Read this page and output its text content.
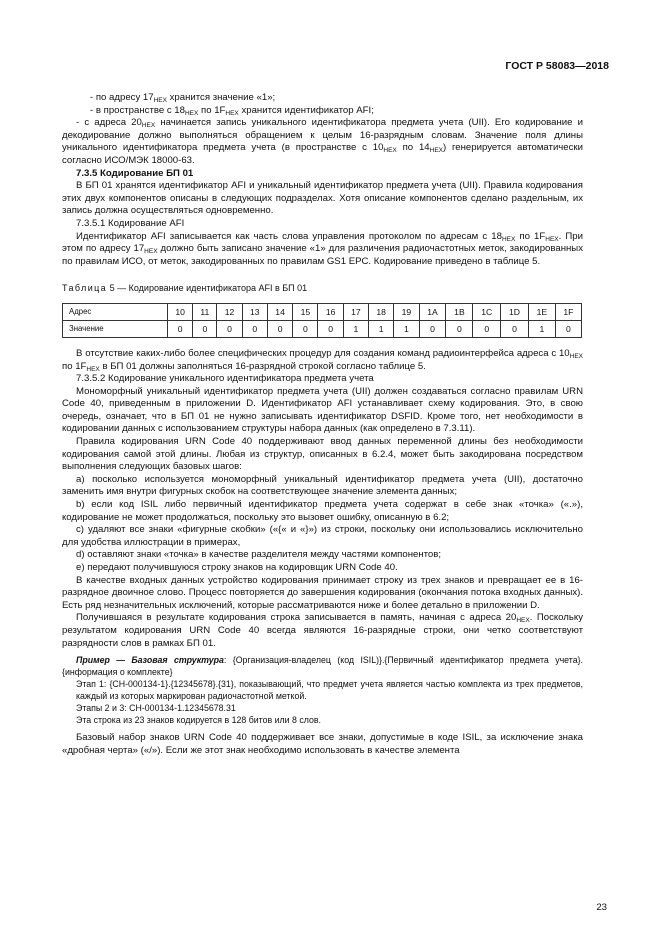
ГОСТ Р 58083—2018

- по адресу $17_{HEX}$ хранится значение «1»;

- в пространстве с $18_{HEX}$ по $1F_{HEX}$ хранится идентификатор AFI;

- с адреса $20_{HEX}$ начинается запись уникального идентификатора предмета учета (UII). Его кодирование и декодирование должно выполняться обращением к целым 16-разрядным словам. Значение поля длины уникального идентификатора предмета учета (в пространстве с $10_{HEX}$ по $14_{HEX}$) генерируется автоматически согласно ИСО/МЭК 18000-63.

7.3.5 Кодирование БП 01

В БП 01 хранятся идентификатор AFI и уникальный идентификатор предмета учета (UII). Правила кодирования этих двух компонентов описаны в следующих подразделах. Хотя описание компонентов сделано раздельным, их запись должна осуществляться одновременно.

7.3.5.1 Кодирование AFI

Идентификатор AFI записывается как часть слова управления протоколом по адресам с $18_{HEX}$ по $1F_{HEX}$. При этом по адресу $17_{HEX}$ должно быть записано значение «1» для различения радиочастотных меток, закодированных по правилам ИСО, от меток, закодированных по правилам GS1 EPC. Кодирование приведено в таблице 5.

Таблица 5 — Кодирование идентификатора AFI в БП 01

Адрес	10	11	12	13	14	15	16	17	18	19	1A	1B	1C	1D	1E	1F
Значение	0	0	0	0	0	0	0	1	1	1	0	0	0	0	1	0

В отсутствие каких-либо более специфических процедур для создания команд радиоинтерфейса адреса с $10_{HEX}$ по $1F_{HEX}$ в БП 01 должны заполняться 16-разрядной строкой согласно таблице 5.

7.3.5.2 Кодирование уникального идентификатора предмета учета

Мономорфный уникальный идентификатор предмета учета (UII) должен создаваться согласно правилам URN Code 40, приведенным в приложении D. Идентификатор AFI устанавливает схему кодирования. Это, в свою очередь, означает, что в БП 01 не нужно записывать идентификатор DSFID. Кроме того, нет необходимости в кодировании данных с использованием структуры набора данных (как определено в 7.3.11).

Правила кодирования URN Code 40 поддерживают ввод данных переменной длины без необходимости кодирования самой этой длины. Любая из структур, описанных в 6.2.4, может быть закодирована посредством выполнения следующих базовых шагов:

a) посколько используется мономорфный уникальный идентификатор предмета учета (UII), достаточно заменить имя внутри фигурных скобок на соответствующее значение элемента данных;

b) если код ISIL либо первичный идентификатор предмета учета содержат в себе знак «точка» («.»), кодирование не может продолжаться, поскольку это вызовет ошибку, описанную в 6.2;

c) удаляют все знаки «фигурные скобки» («{« и «}») из строки, поскольку они использовались исключительно для удобства иллюстрации в примерах,

d) оставляют знаки «точка» в качестве разделителя между частями компонентов;

e) передают получившуюся строку знаков на кодировщик URN Code 40.

В качестве входных данных устройство кодирования принимает строку из трех знаков и превращает ее в 16-разрядное двоичное слово. Процесс повторяется до завершения кодирования (окончания потока входных данных). Есть ряд незначительных исключений, которые рассматриваются ниже и более детально в приложении D.

Получившаяся в результате кодирования строка записывается в память, начиная с адреса $20_{HEX}$. Поскольку результатом кодирования URN Code 40 всегда являются 16-разрядные строки, они четко соответствуют разрядности слов в рамках БП 01.

Пример — Базовая структура: {Организация-владелец (код ISIL)}.{Первичный идентификатор предмета учета}.{информация о комплекте}

Этап 1: {CH-000134-1}.{12345678}.{31}, показывающий, что предмет учета является частью комплекта из трех предметов, каждый из которых маркирован радиочастотной меткой.

Этапы 2 и 3: CH-000134-1.12345678.31

Эта строка из 23 знаков кодируется в 128 битов или 8 слов.

Базовый набор знаков URN Code 40 поддерживает все знаки, допустимые в коде ISIL, за исключение знака «дробная черта» («/»). Если же этот знак необходимо использовать в качестве элемента

23
